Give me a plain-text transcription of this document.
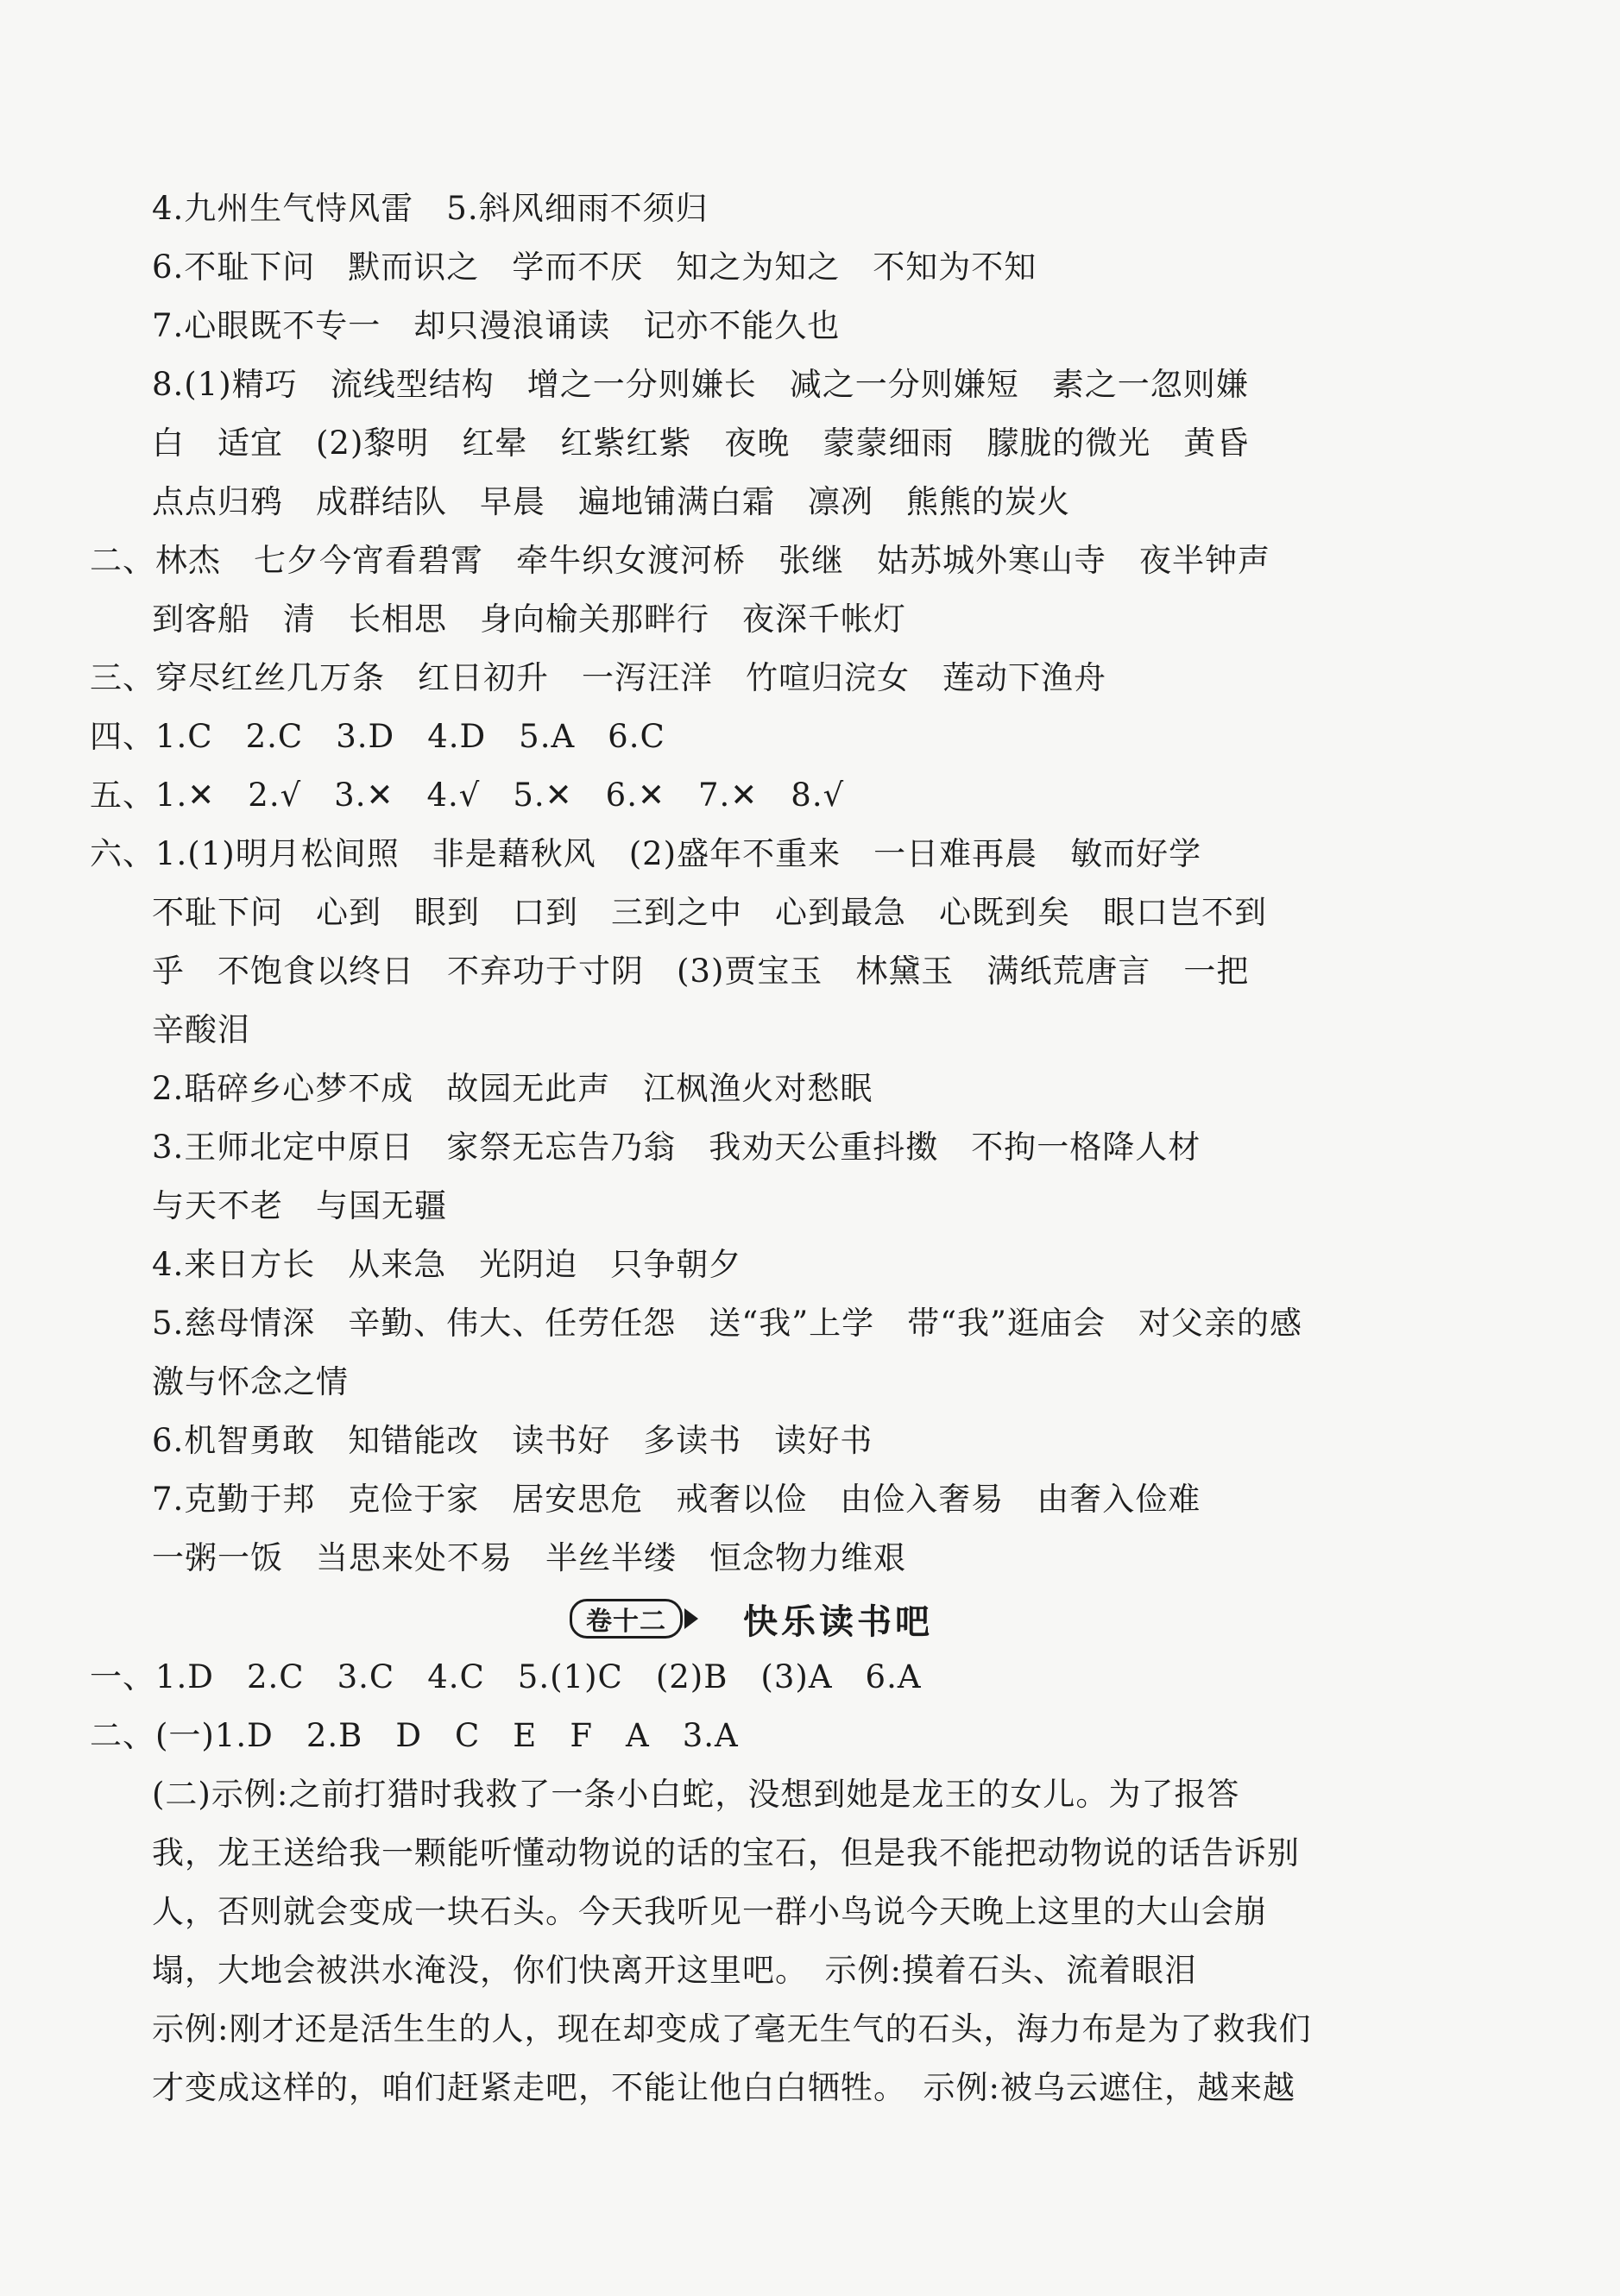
4.九州生气恃风雷　5.斜风细雨不须归
6.不耻下问　默而识之　学而不厌　知之为知之　不知为不知
7.心眼既不专一　却只漫浪诵读　记亦不能久也
8.(1)精巧　流线型结构　增之一分则嫌长　减之一分则嫌短　素之一忽则嫌
白　适宜　(2)黎明　红晕　红紫红紫　夜晚　蒙蒙细雨　朦胧的微光　黄昏
点点归鸦　成群结队　早晨　遍地铺满白霜　凛冽　熊熊的炭火
二、林杰　七夕今宵看碧霄　牵牛织女渡河桥　张继　姑苏城外寒山寺　夜半钟声
到客船　清　长相思　身向榆关那畔行　夜深千帐灯
三、穿尽红丝几万条　红日初升　一泻汪洋　竹喧归浣女　莲动下渔舟
四、1.C　2.C　3.D　4.D　5.A　6.C
五、1.✕　2.√　3.✕　4.√　5.✕　6.✕　7.✕　8.√
六、1.(1)明月松间照　非是藉秋风　(2)盛年不重来　一日难再晨　敏而好学
不耻下问　心到　眼到　口到　三到之中　心到最急　心既到矣　眼口岂不到
乎　不饱食以终日　不弃功于寸阴　(3)贾宝玉　林黛玉　满纸荒唐言　一把
辛酸泪
2.聒碎乡心梦不成　故园无此声　江枫渔火对愁眠
3.王师北定中原日　家祭无忘告乃翁　我劝天公重抖擞　不拘一格降人材
与天不老　与国无疆
4.来日方长　从来急　光阴迫　只争朝夕
5.慈母情深　辛勤、伟大、任劳任怨　送“我”上学　带“我”逛庙会　对父亲的感
激与怀念之情
6.机智勇敢　知错能改　读书好　多读书　读好书
7.克勤于邦　克俭于家　居安思危　戒奢以俭　由俭入奢易　由奢入俭难
一粥一饭　当思来处不易　半丝半缕　恒念物力维艰
卷十二	快乐读书吧
一、1.D　2.C　3.C　4.C　5.(1)C　(2)B　(3)A　6.A
二、(一)1.D　2.B　D　C　E　F　A　3.A
(二)示例:之前打猎时我救了一条小白蛇，没想到她是龙王的女儿。为了报答
我，龙王送给我一颗能听懂动物说的话的宝石，但是我不能把动物说的话告诉别
人，否则就会变成一块石头。今天我听见一群小鸟说今天晚上这里的大山会崩
塌，大地会被洪水淹没，你们快离开这里吧。　示例:摸着石头、流着眼泪
示例:刚才还是活生生的人，现在却变成了毫无生气的石头，海力布是为了救我们
才变成这样的，咱们赶紧走吧，不能让他白白牺牲。　示例:被乌云遮住，越来越
